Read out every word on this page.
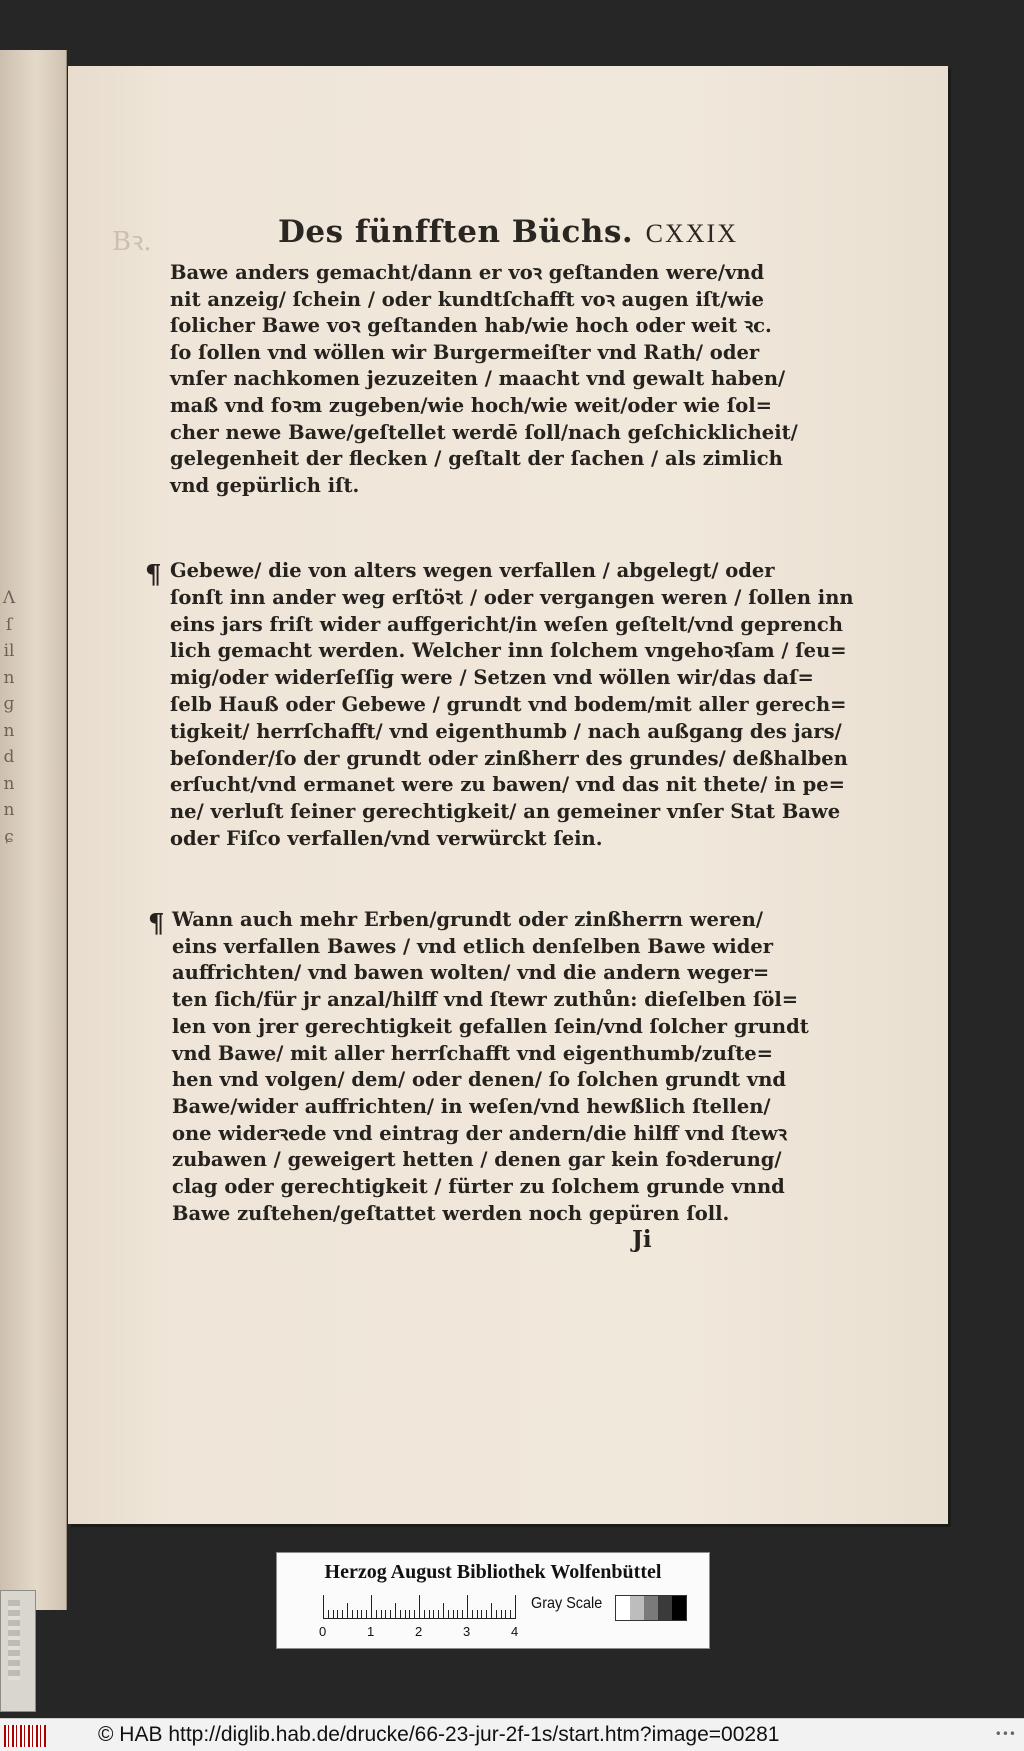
Ʌ
ſ
il
n
ɡ
n
d
n
n
ɕ
Bꝛ.	Des fünfften Büchs. CXXIX
Bawe anders gemacht/dann er voꝛ geſtanden were/vnd
nit anzeig/ ſchein / oder kundtſchafft voꝛ augen iſt/wie
ſolicher Bawe voꝛ geſtanden hab/wie hoch oder weit ꝛc.
ſo ſollen vnd wöllen wir Burgermeiſter vnd Rath/ oder
vnſer nachkomen jezuzeiten / maacht vnd gewalt haben/
maß vnd foꝛm zugeben/wie hoch/wie weit/oder wie ſol=
cher newe Bawe/geſtellet werdē ſoll/nach geſchicklicheit/
gelegenheit der flecken / geſtalt der ſachen / als zimlich
vnd gepürlich iſt.
¶ Gebewe/ die von alters wegen verfallen / abgelegt/ oder
ſonſt inn ander weg erſtöꝛt / oder vergangen weren / ſollen inn
eins jars friſt wider auffgericht/in weſen geſtelt/vnd geprench
lich gemacht werden. Welcher inn ſolchem vngehoꝛſam / ſeu=
mig/oder widerſeſſig were / Setzen vnd wöllen wir/das daſ=
ſelb Hauß oder Gebewe / grundt vnd bodem/mit aller gerech=
tigkeit/ herrſchafft/ vnd eigenthumb / nach außgang des jars/
beſonder/ſo der grundt oder zinßherr des grundes/ deßhalben
erſucht/vnd ermanet were zu bawen/ vnd das nit thete/ in pe=
ne/ verluſt ſeiner gerechtigkeit/ an gemeiner vnſer Stat Bawe
oder Fiſco verfallen/vnd verwürckt ſein.
¶ Wann auch mehr Erben/grundt oder zinßherrn weren/
eins verfallen Bawes / vnd etlich denſelben Bawe wider
auffrichten/ vnd bawen wolten/ vnd die andern weger=
ten ſich/für jr anzal/hilff vnd ſtewr zuthůn: dieſelben ſöl=
len von jrer gerechtigkeit gefallen ſein/vnd ſolcher grundt
vnd Bawe/ mit aller herrſchafft vnd eigenthumb/zuſte=
hen vnd volgen/ dem/ oder denen/ ſo ſolchen grundt vnd
Bawe/wider auffrichten/ in weſen/vnd hewßlich ſtellen/
one widerꝛede vnd eintrag der andern/die hilff vnd ſtewꝛ
zubawen / geweigert hetten / denen gar kein foꝛderung/
clag oder gerechtigkeit / fürter zu ſolchem grunde vnnd
Bawe zuſtehen/geſtattet werden noch gepüren ſoll.
Ji
Herzog August Bibliothek Wolfenbüttel
0	1	2	3	4
Gray Scale
© HAB http://diglib.hab.de/drucke/66-23-jur-2f-1s/start.htm?image=00281	•••
